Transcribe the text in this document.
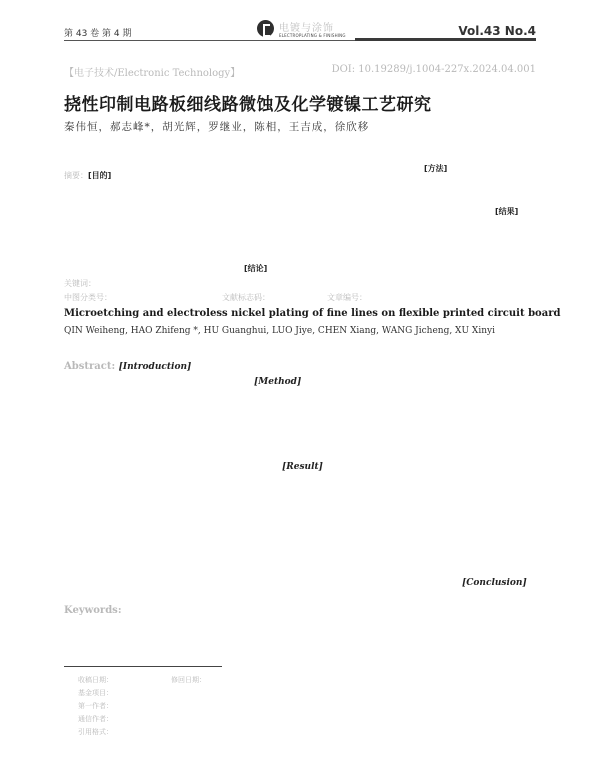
第 43 卷 第 4 期	电镀与涂饰
ELECTROPLATING & FINISHING	Vol.43 No.4
【电子技术/Electronic Technology】	DOI: 10.19289/j.1004-227x.2024.04.001
挠性印制电路板细线路微蚀及化学镀镍工艺研究
秦伟恒，郝志峰*，胡光辉，罗继业，陈相，王吉成，徐欣移
摘要：[目的]
[方法]
[结果]
[结论]
关键词：
中图分类号：	文献标志码：	文章编号：
Microetching and electroless nickel plating of fine lines on flexible printed circuit board
QIN Weiheng, HAO Zhifeng *, HU Guanghui, LUO Jiye, CHEN Xiang, WANG Jicheng, XU Xinyi
Abstract: [Introduction]
[Method]
[Result]
[Conclusion]
Keywords:
收稿日期：	修回日期：
基金项目：
第一作者：
通信作者：
引用格式：
